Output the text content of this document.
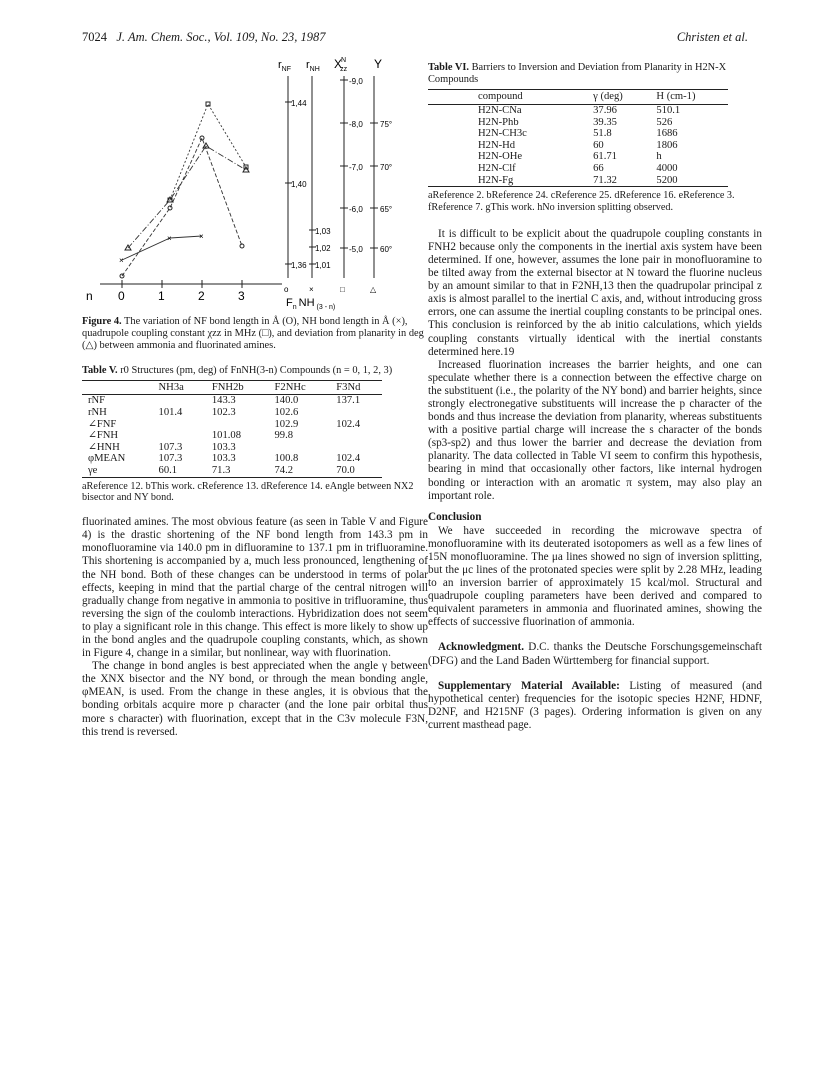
7024 J. Am. Chem. Soc., Vol. 109, No. 23, 1987	Christen et al.
$r_{NF}$ $r_{NH}$ XN zz Y
1,44
1,40
1,36
1,03
1,02
1,01
-9,0
-8,0
-7,0
-6,0
-5,0
75°
70°
65°
60°
×
×	×
n 0	1	2	3	o	×	□	△
$F_n$ NH $_{(3 - n)}$

Figure 4. The variation of NF bond length in Å (O), NH bond length in Å (×), quadrupole coupling constant χzz in MHz (□), and deviation from planarity in deg (△) between ammonia and fluorinated amines.

Table V. r0 Structures (pm, deg) of FnNH(3-n) Compounds (n = 0, 1, 2, 3)

	NH3a	FNH2b	F2NHc	F3Nd
rNF		143.3	140.0	137.1
rNH	101.4	102.3	102.6	
∠FNF			102.9	102.4
∠FNH		101.08	99.8	
∠HNH	107.3	103.3		
φMEAN	107.3	103.3	100.8	102.4
γe	60.1	71.3	74.2	70.0

aReference 12. bThis work. cReference 13. dReference 14. eAngle between NX2 bisector and NY bond.

fluorinated amines. The most obvious feature (as seen in Table V and Figure 4) is the drastic shortening of the NF bond length from 143.3 pm in monofluoramine via 140.0 pm in difluoramine to 137.1 pm in trifluoramine. This shortening is accompanied by a, much less pronounced, lengthening of the NH bond. Both of these changes can be understood in terms of polar effects, keeping in mind that the partial charge of the central nitrogen will gradually change from negative in ammonia to positive in trifluoramine, thus reversing the sign of the coulomb interactions. Hybridization does not seem to play a significant role in this change. This effect is more likely to show up in the bond angles and the quadrupole coupling constants, which, as shown in Figure 4, change in a similar, but nonlinear, way with fluorination.

The change in bond angles is best appreciated when the angle γ between the XNX bisector and the NY bond, or through the mean bonding angle, φMEAN, is used. From the change in these angles, it is obvious that the bonding orbitals acquire more p character (and the lone pair orbital thus more s character) with fluorination, except that in the C3v molecule F3N, this trend is reversed.

Table VI. Barriers to Inversion and Deviation from Planarity in H2N-X Compounds

compound	γ (deg)	H (cm-1)
H2N-CNa	37.96	510.1
H2N-Phb	39.35	526
H2N-CH3c	51.8	1686
H2N-Hd	60	1806
H2N-OHe	61.71	h
H2N-Clf	66	4000
H2N-Fg	71.32	5200

aReference 2. bReference 24. cReference 25. dReference 16. eReference 3. fReference 7. gThis work. hNo inversion splitting observed.

It is difficult to be explicit about the quadrupole coupling constants in FNH2 because only the components in the inertial axis system have been determined. If one, however, assumes the lone pair in monofluoramine to be tilted away from the external bisector at N toward the fluorine nucleus by an amount similar to that in F2NH,13 then the quadrupolar principal z axis is almost parallel to the inertial C axis, and, without introducing gross errors, one can assume the inertial coupling constants to be principal ones. This conclusion is reinforced by the ab initio calculations, which yields coupling constants virtually identical with the inertial constants determined here.19

Increased fluorination increases the barrier heights, and one can speculate whether there is a connection between the effective charge on the substituent (i.e., the polarity of the NY bond) and barrier heights, since strongly electronegative substituents will increase the p character of the bonds and thus increase the deviation from planarity, whereas substituents with a positive partial charge will increase the s character of the bonds (sp3-sp2) and thus lower the barrier and decrease the deviation from planarity. The data collected in Table VI seem to confirm this hypothesis, bearing in mind that occasionally other factors, like internal hydrogen bonding or interaction with an aromatic π system, may also play an important role.

Conclusion

We have succeeded in recording the microwave spectra of monofluoramine with its deuterated isotopomers as well as a few lines of 15N monofluoramine. The μa lines showed no sign of inversion splitting, but the μc lines of the protonated species were split by 2.28 MHz, leading to an inversion barrier of approximately 15 kcal/mol. Structural and quadrupole coupling parameters have been derived and compared to equivalent parameters in ammonia and fluorinated amines, showing the effects of successive fluorination of ammonia.

Acknowledgment. D.C. thanks the Deutsche Forschungsgemeinschaft (DFG) and the Land Baden Württemberg for financial support.

Supplementary Material Available: Listing of measured (and hypothetical center) frequencies for the isotopic species H2NF, HDNF, D2NF, and H215NF (3 pages). Ordering information is given on any current masthead page.
